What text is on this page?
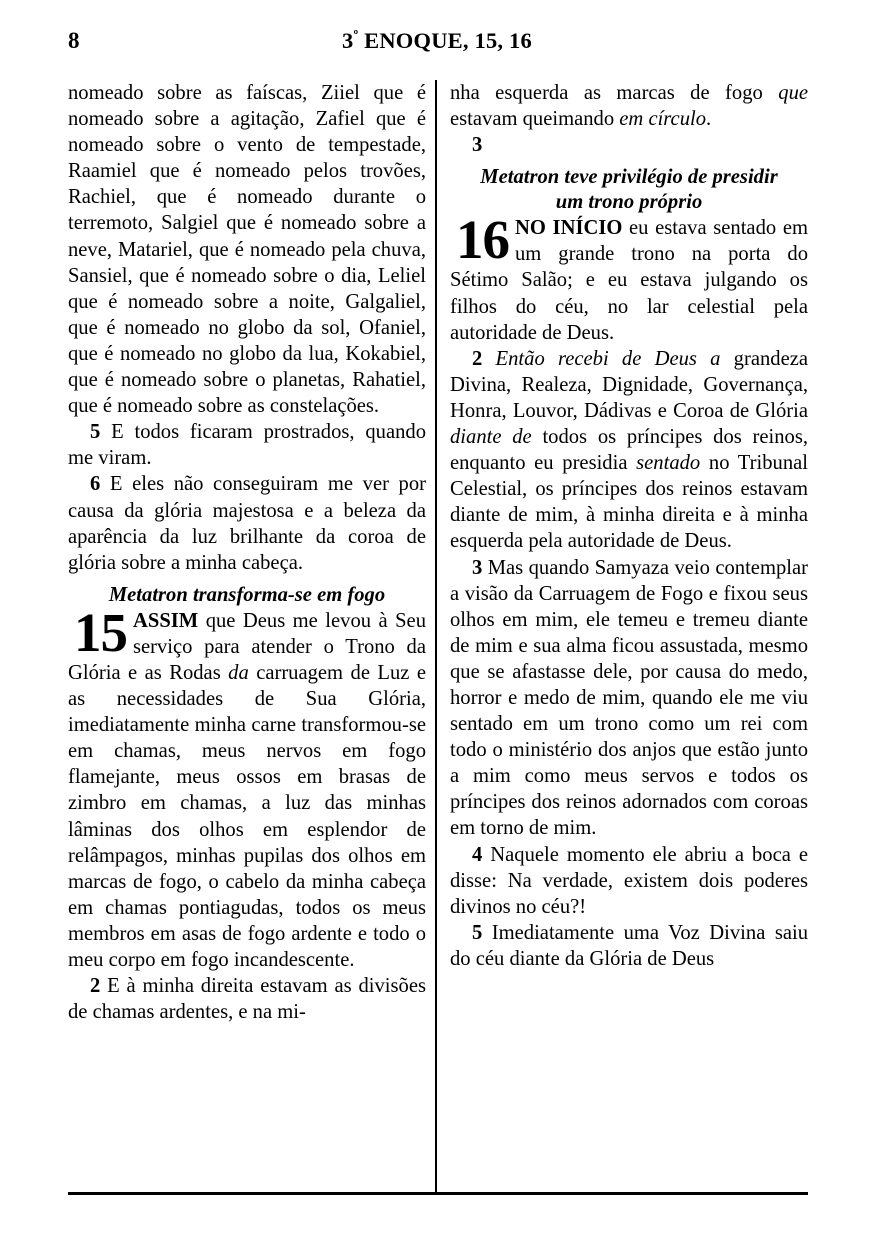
8	$3^º$ ENOQUE, 15, 16

nomeado sobre as faíscas, Ziiel que é nomeado sobre a agitação, Zafiel que é nomeado sobre o vento de tempestade, Raamiel que é nomeado pelos trovões, Rachiel, que é nomeado durante o terremoto, Salgiel que é nomeado sobre a neve, Matariel, que é nomeado pela chuva, Sansiel, que é nomeado sobre o dia, Leliel que é nomeado sobre a noite, Galgaliel, que é nomeado no globo da sol, Ofaniel, que é nomeado no globo da lua, Kokabiel, que é nomeado sobre o planetas, Rahatiel, que é nomeado sobre as constelações.

5 E todos ficaram prostrados, quando me viram.

6 E eles não conseguiram me ver por causa da glória majestosa e a beleza da aparência da luz brilhante da coroa de glória sobre a minha cabeça.

Metatron transforma-se em fogo

15 ASSIM que Deus me levou à Seu serviço para atender o Trono da Glória e as Rodas da carruagem de Luz e as necessidades de Sua Glória, imediatamente minha carne transformou-se em chamas, meus nervos em fogo flamejante, meus ossos em brasas de zimbro em chamas, a luz das minhas lâminas dos olhos em esplendor de relâmpagos, minhas pupilas dos olhos em marcas de fogo, o cabelo da minha cabeça em chamas pontiagudas, todos os meus membros em asas de fogo ardente e todo o meu corpo em fogo incandescente.

2 E à minha direita estavam as divisões de chamas ardentes, e na mi-

nha esquerda as marcas de fogo que estavam queimando em círculo.

3

Metatron teve privilégio de presidir
um trono próprio

16 NO INÍCIO eu estava sentado em um grande trono na porta do Sétimo Salão; e eu estava julgando os filhos do céu, no lar celestial pela autoridade de Deus.

2 Então recebi de Deus a grandeza Divina, Realeza, Dignidade, Governança, Honra, Louvor, Dádivas e Coroa de Glória diante de todos os príncipes dos reinos, enquanto eu presidia sentado no Tribunal Celestial, os príncipes dos reinos estavam diante de mim, à minha direita e à minha esquerda pela autoridade de Deus.

3 Mas quando Samyaza veio contemplar a visão da Carruagem de Fogo e fixou seus olhos em mim, ele temeu e tremeu diante de mim e sua alma ficou assustada, mesmo que se afastasse dele, por causa do medo, horror e medo de mim, quando ele me viu sentado em um trono como um rei com todo o ministério dos anjos que estão junto a mim como meus servos e todos os príncipes dos reinos adornados com coroas em torno de mim.

4 Naquele momento ele abriu a boca e disse: Na verdade, existem dois poderes divinos no céu?!

5 Imediatamente uma Voz Divina saiu do céu diante da Glória de Deus
